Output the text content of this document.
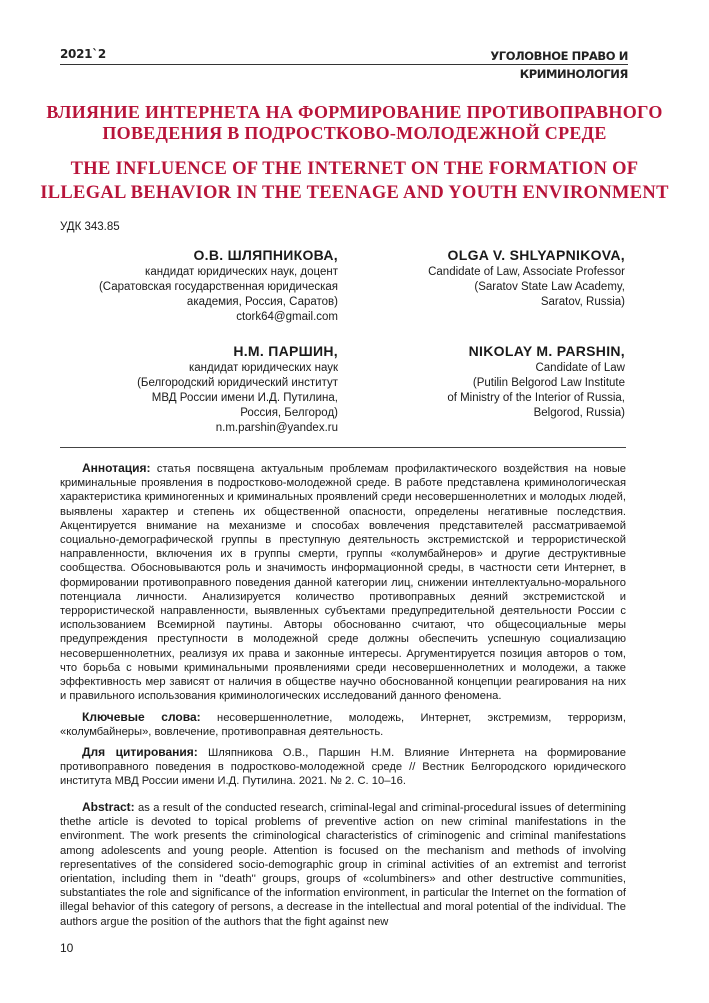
2021`2	УГОЛОВНОЕ ПРАВО И
КРИМИНОЛОГИЯ
ВЛИЯНИЕ ИНТЕРНЕТА НА ФОРМИРОВАНИЕ ПРОТИВОПРАВНОГО ПОВЕДЕНИЯ В ПОДРОСТКОВО-МОЛОДЕЖНОЙ СРЕДЕ
THE INFLUENCE OF THE INTERNET ON THE FORMATION OF ILLEGAL BEHAVIOR IN THE TEENAGE AND YOUTH ENVIRONMENT
УДК 343.85
О.В. ШЛЯПНИКОВА,
кандидат юридических наук, доцент
(Саратовская государственная юридическая
академия, Россия, Саратов)
ctork64@gmail.com
OLGA V. SHLYAPNIKOVA,
Candidate of Law, Associate Professor
(Saratov State Law Academy,
Saratov, Russia)
Н.М. ПАРШИН,
кандидат юридических наук
(Белгородский юридический институт
МВД России имени И.Д. Путилина,
Россия, Белгород)
n.m.parshin@yandex.ru
NIKOLAY M. PARSHIN,
Candidate of Law
(Putilin Belgorod Law Institute
of Ministry of the Interior of Russia,
Belgorod, Russia)
Аннотация: статья посвящена актуальным проблемам профилактического воздействия на новые криминальные проявления в подростково-молодежной среде. В работе представлена криминологическая характеристика криминогенных и криминальных проявлений среди несовершеннолетних и молодых людей, выявлены характер и степень их общественной опасности, определены негативные последствия. Акцентируется внимание на механизме и способах вовлечения представителей рассматриваемой социально-демографической группы в преступную деятельность экстремистской и террористической направленности, включения их в группы смерти, группы «колумбайнеров» и другие деструктивные сообщества. Обосновываются роль и значимость информационной среды, в частности сети Интернет, в формировании противоправного поведения данной категории лиц, снижении интеллектуально-морального потенциала личности. Анализируется количество противоправных деяний экстремистской и террористической направленности, выявленных субъектами предупредительной деятельности России с использованием Всемирной паутины. Авторы обоснованно считают, что общесоциальные меры предупреждения преступности в молодежной среде должны обеспечить успешную социализацию несовершеннолетних, реализуя их права и законные интересы. Аргументируется позиция авторов о том, что борьба с новыми криминальными проявлениями среди несовершеннолетних и молодежи, а также эффективность мер зависят от наличия в обществе научно обоснованной концепции реагирования на них и правильного использования криминологических исследований данного феномена.
Ключевые слова: несовершеннолетние, молодежь, Интернет, экстремизм, терроризм, «колумбайнеры», вовлечение, противоправная деятельность.
Для цитирования: Шляпникова О.В., Паршин Н.М. Влияние Интернета на формирование противоправного поведения в подростково-молодежной среде // Вестник Белгородского юридического института МВД России имени И.Д. Путилина. 2021. № 2. С. 10–16.
Abstract: as a result of the conducted research, criminal-legal and criminal-procedural issues of determining thethe article is devoted to topical problems of preventive action on new criminal manifestations in the environment. The work presents the criminological characteristics of criminogenic and criminal manifestations among adolescents and young people. Attention is focused on the mechanism and methods of involving representatives of the considered socio-demographic group in criminal activities of an extremist and terrorist orientation, including them in ''death'' groups, groups of «columbiners» and other destructive communities, substantiates the role and significance of the information environment, in particular the Internet on the formation of illegal behavior of this category of persons, a decrease in the intellectual and moral potential of the individual. The authors argue the position of the authors that the fight against new
10
